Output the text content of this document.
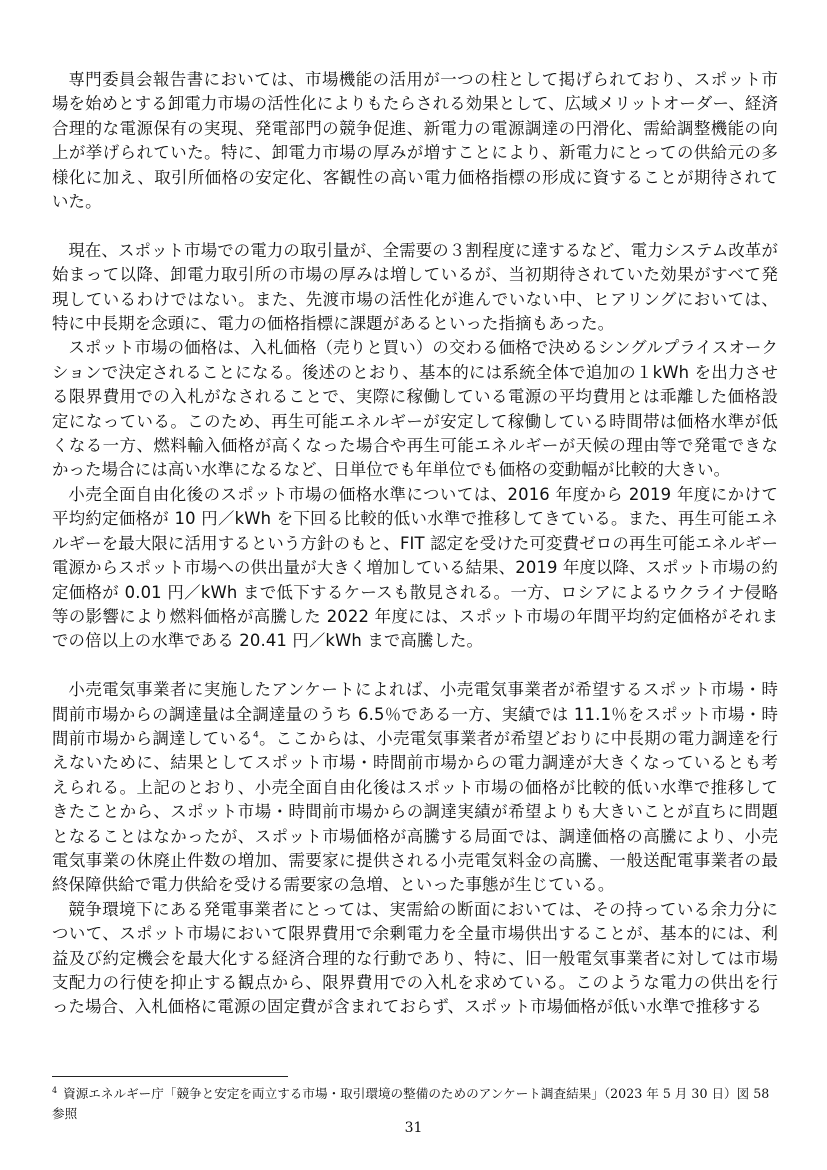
専門委員会報告書においては、市場機能の活用が一つの柱として掲げられており、スポット市場を始めとする卸電力市場の活性化によりもたらされる効果として、広域メリットオーダー、経済合理的な電源保有の実現、発電部門の競争促進、新電力の電源調達の円滑化、需給調整機能の向上が挙げられていた。特に、卸電力市場の厚みが増すことにより、新電力にとっての供給元の多様化に加え、取引所価格の安定化、客観性の高い電力価格指標の形成に資することが期待されていた。

現在、スポット市場での電力の取引量が、全需要の３割程度に達するなど、電力システム改革が始まって以降、卸電力取引所の市場の厚みは増しているが、当初期待されていた効果がすべて発現しているわけではない。また、先渡市場の活性化が進んでいない中、ヒアリングにおいては、特に中長期を念頭に、電力の価格指標に課題があるといった指摘もあった。

スポット市場の価格は、入札価格（売りと買い）の交わる価格で決めるシングルプライスオークションで決定されることになる。後述のとおり、基本的には系統全体で追加の１kWh を出力させる限界費用での入札がなされることで、実際に稼働している電源の平均費用とは乖離した価格設定になっている。このため、再生可能エネルギーが安定して稼働している時間帯は価格水準が低くなる一方、燃料輸入価格が高くなった場合や再生可能エネルギーが天候の理由等で発電できなかった場合には高い水準になるなど、日単位でも年単位でも価格の変動幅が比較的大きい。

小売全面自由化後のスポット市場の価格水準については、2016 年度から 2019 年度にかけて平均約定価格が 10 円／kWh を下回る比較的低い水準で推移してきている。また、再生可能エネルギーを最大限に活用するという方針のもと、FIT 認定を受けた可変費ゼロの再生可能エネルギー電源からスポット市場への供出量が大きく増加している結果、2019 年度以降、スポット市場の約定価格が 0.01 円／kWh まで低下するケースも散見される。一方、ロシアによるウクライナ侵略等の影響により燃料価格が高騰した 2022 年度には、スポット市場の年間平均約定価格がそれまでの倍以上の水準である 20.41 円／kWh まで高騰した。

小売電気事業者に実施したアンケートによれば、小売電気事業者が希望するスポット市場・時間前市場からの調達量は全調達量のうち 6.5％である一方、実績では 11.1％をスポット市場・時間前市場から調達している$^4$。ここからは、小売電気事業者が希望どおりに中長期の電力調達を行えないために、結果としてスポット市場・時間前市場からの電力調達が大きくなっているとも考えられる。上記のとおり、小売全面自由化後はスポット市場の価格が比較的低い水準で推移してきたことから、スポット市場・時間前市場からの調達実績が希望よりも大きいことが直ちに問題となることはなかったが、スポット市場価格が高騰する局面では、調達価格の高騰により、小売電気事業の休廃止件数の増加、需要家に提供される小売電気料金の高騰、一般送配電事業者の最終保障供給で電力供給を受ける需要家の急増、といった事態が生じている。

競争環境下にある発電事業者にとっては、実需給の断面においては、その持っている余力分について、スポット市場において限界費用で余剰電力を全量市場供出することが、基本的には、利益及び約定機会を最大化する経済合理的な行動であり、特に、旧一般電気事業者に対しては市場支配力の行使を抑止する観点から、限界費用での入札を求めている。このような電力の供出を行った場合、入札価格に電源の固定費が含まれておらず、スポット市場価格が低い水準で推移する

$^4$ 資源エネルギー庁「競争と安定を両立する市場・取引環境の整備のためのアンケート調査結果」（2023 年 5 月 30 日）図 58 参照
31
